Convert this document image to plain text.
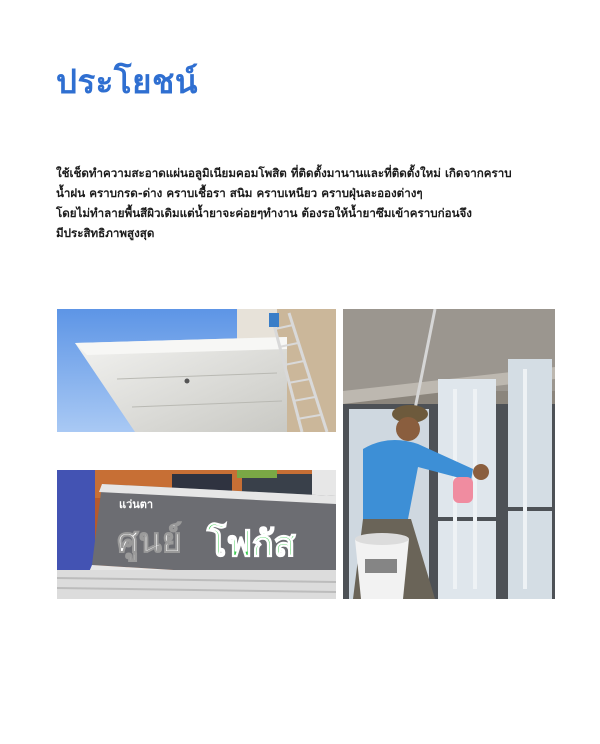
ประโยชน์
ใช้เช็ดทำความสะอาดแผ่นอลูมิเนียมคอมโพสิต ที่ติดตั้งมานานและที่ติดตั้งใหม่ เกิดจากคราบ
น้ำฝน คราบกรด-ด่าง คราบเชื้อรา สนิม คราบเหนียว คราบฝุ่นละอองต่างๆ
โดยไม่ทำลายพื้นสีผิวเดิมแต่น้ำยาจะค่อยๆทำงาน ต้องรอให้น้ำยาซึมเข้าคราบก่อนจึง
มีประสิทธิภาพสูงสุด
แว่นตา
ศูนย์ โฟกัส
